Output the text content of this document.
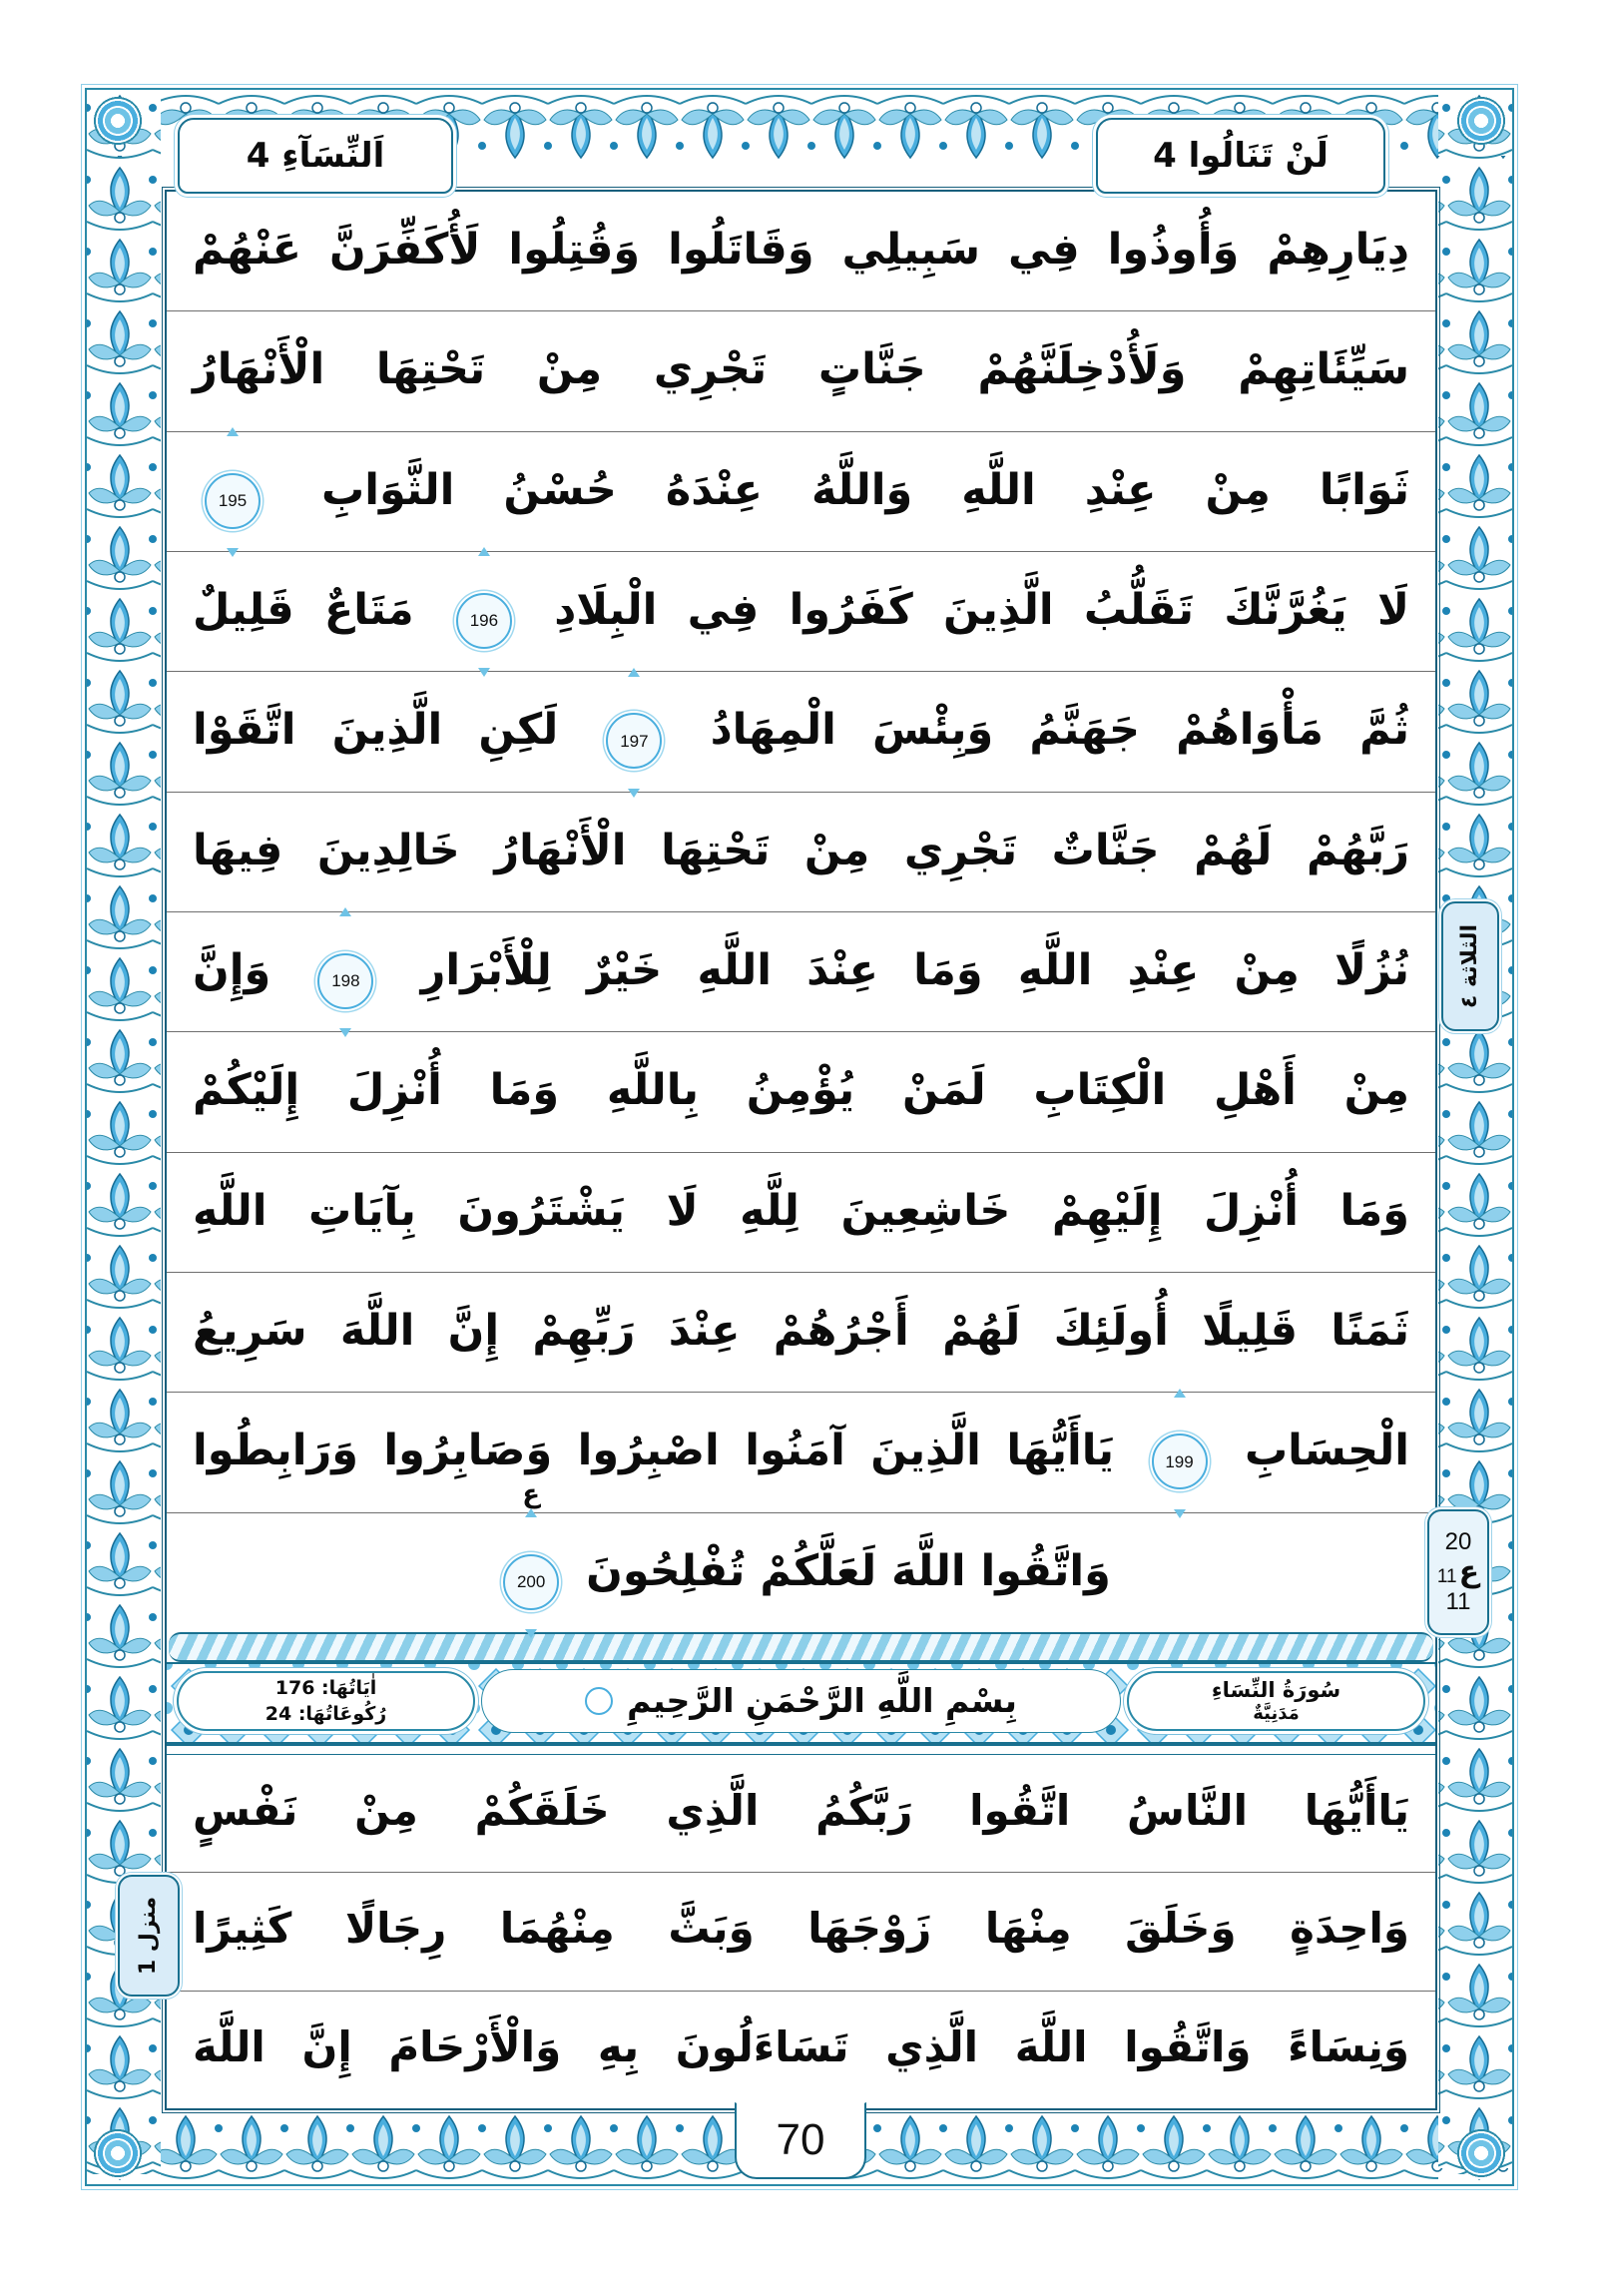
دِيَارِهِمْ وَأُوذُوا فِي سَبِيلِي وَقَاتَلُوا وَقُتِلُوا لَأُكَفِّرَنَّ عَنْهُمْ
سَيِّئَاتِهِمْ وَلَأُدْخِلَنَّهُمْ جَنَّاتٍ تَجْرِي مِنْ تَحْتِهَا الْأَنْهَارُ
ثَوَابًا مِنْ عِنْدِ اللَّهِ وَاللَّهُ عِنْدَهُ حُسْنُ الثَّوَابِ 195
لَا يَغُرَّنَّكَ تَقَلُّبُ الَّذِينَ كَفَرُوا فِي الْبِلَادِ 196 مَتَاعٌ قَلِيلٌ
ثُمَّ مَأْوَاهُمْ جَهَنَّمُ وَبِئْسَ الْمِهَادُ 197 لَكِنِ الَّذِينَ اتَّقَوْا
رَبَّهُمْ لَهُمْ جَنَّاتٌ تَجْرِي مِنْ تَحْتِهَا الْأَنْهَارُ خَالِدِينَ فِيهَا
نُزُلًا مِنْ عِنْدِ اللَّهِ وَمَا عِنْدَ اللَّهِ خَيْرٌ لِلْأَبْرَارِ 198 وَإِنَّ
مِنْ أَهْلِ الْكِتَابِ لَمَنْ يُؤْمِنُ بِاللَّهِ وَمَا أُنْزِلَ إِلَيْكُمْ
وَمَا أُنْزِلَ إِلَيْهِمْ خَاشِعِينَ لِلَّهِ لَا يَشْتَرُونَ بِآيَاتِ اللَّهِ
ثَمَنًا قَلِيلًا أُولَئِكَ لَهُمْ أَجْرُهُمْ عِنْدَ رَبِّهِمْ إِنَّ اللَّهَ سَرِيعُ
الْحِسَابِ 199 يَاأَيُّهَا الَّذِينَ آمَنُوا اصْبِرُوا وَصَابِرُوا وَرَابِطُوا
وَاتَّقُوا اللَّهَ لَعَلَّكُمْ تُفْلِحُونَ 200
ع
سُورَةُ النِّسَاءِ
مَدَنِيَّةٌ
بِسْمِ اللَّهِ الرَّحْمَنِ الرَّحِيمِ
اٰيَاتُهَا: 176
رُكُوعَاتُهَا: 24
يَاأَيُّهَا النَّاسُ اتَّقُوا رَبَّكُمُ الَّذِي خَلَقَكُمْ مِنْ نَفْسٍ
وَاحِدَةٍ وَخَلَقَ مِنْهَا زَوْجَهَا وَبَثَّ مِنْهُمَا رِجَالًا كَثِيرًا
وَنِسَاءً وَاتَّقُوا اللَّهَ الَّذِي تَسَاءَلُونَ بِهِ وَالْأَرْحَامَ إِنَّ اللَّهَ
اَلنِّسَآءِ 4	لَنْ تَنَالُوا 4
الثلاثة ٤
20
ع
11
11
منزل 1
70
